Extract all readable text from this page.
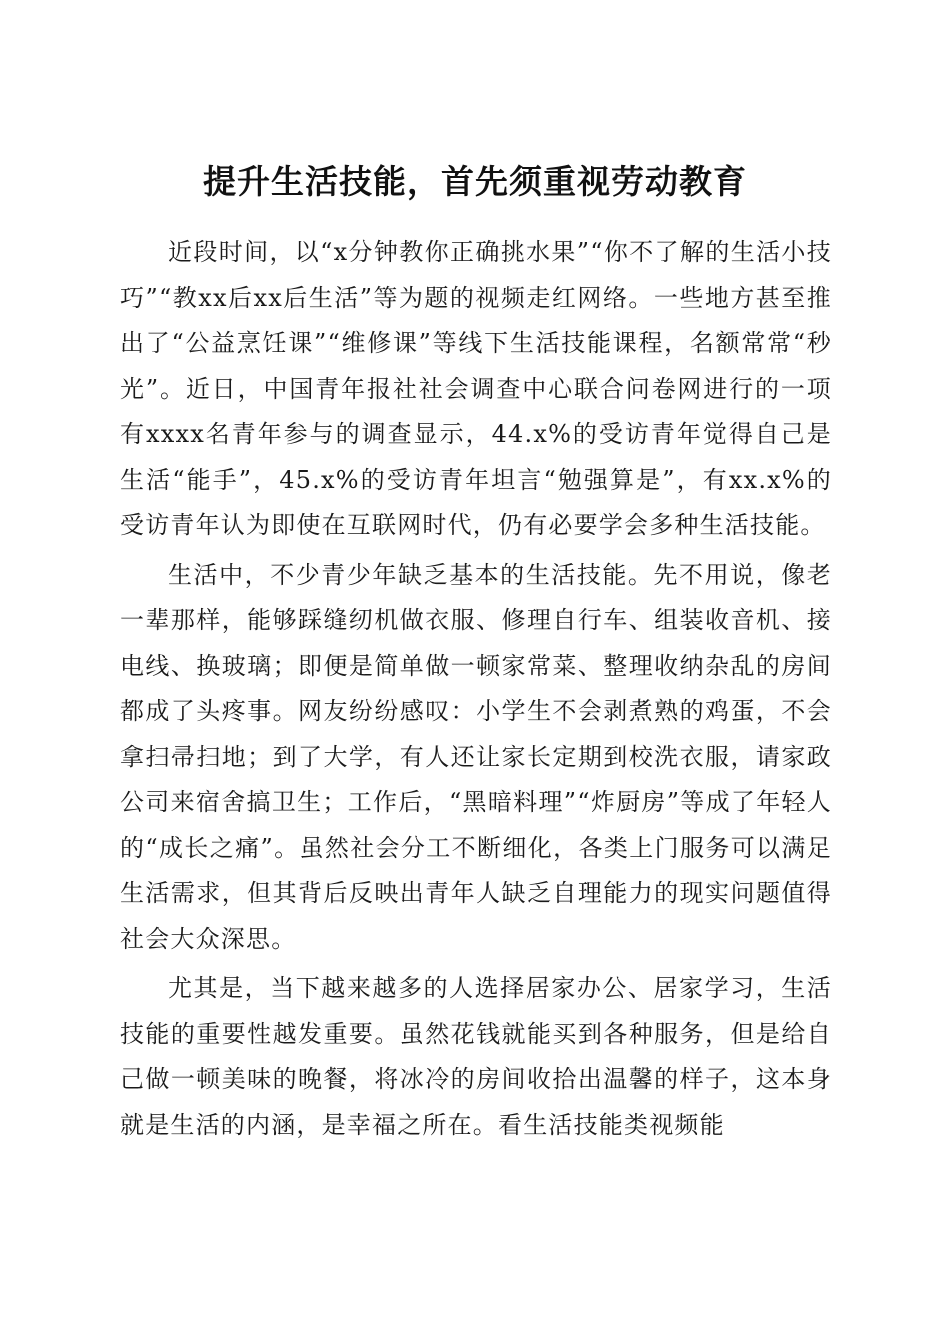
提升生活技能，首先须重视劳动教育

近段时间，以“x分钟教你正确挑水果”“你不了解的生活小技巧”“教xx后xx后生活”等为题的视频走红网络。一些地方甚至推出了“公益烹饪课”“维修课”等线下生活技能课程，名额常常“秒光”。近日，中国青年报社社会调查中心联合问卷网进行的一项有xxxx名青年参与的调查显示，44.x%的受访青年觉得自己是生活“能手”，45.x%的受访青年坦言“勉强算是”，有xx.x%的受访青年认为即使在互联网时代，仍有必要学会多种生活技能。

生活中，不少青少年缺乏基本的生活技能。先不用说，像老一辈那样，能够踩缝纫机做衣服、修理自行车、组装收音机、接电线、换玻璃；即便是简单做一顿家常菜、整理收纳杂乱的房间都成了头疼事。网友纷纷感叹：小学生不会剥煮熟的鸡蛋，不会拿扫帚扫地；到了大学，有人还让家长定期到校洗衣服，请家政公司来宿舍搞卫生；工作后，“黑暗料理”“炸厨房”等成了年轻人的“成长之痛”。虽然社会分工不断细化，各类上门服务可以满足生活需求，但其背后反映出青年人缺乏自理能力的现实问题值得社会大众深思。

尤其是，当下越来越多的人选择居家办公、居家学习，生活技能的重要性越发重要。虽然花钱就能买到各种服务，但是给自己做一顿美味的晚餐，将冰冷的房间收拾出温馨的样子，这本身就是生活的内涵，是幸福之所在。看生活技能类视频能
